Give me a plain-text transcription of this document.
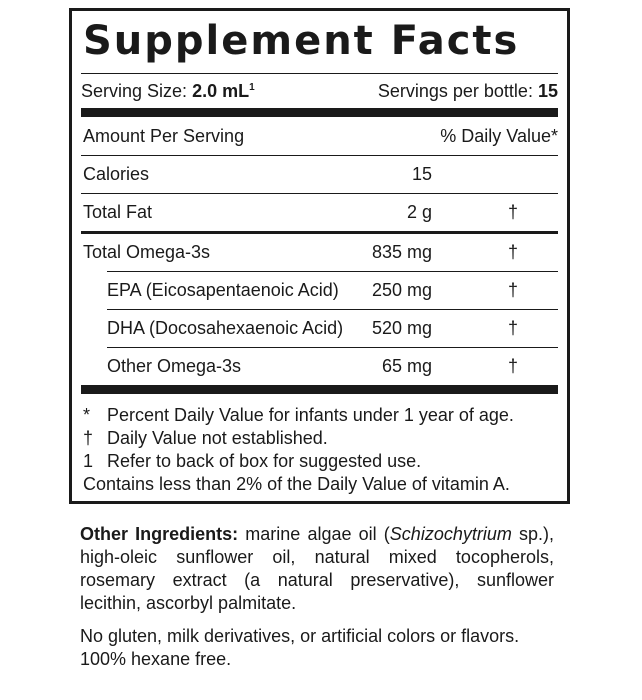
Supplement Facts
Serving Size: 2.0 $mL^1$	Servings per bottle: 15
Amount Per Serving	% Daily Value*
Calories	15
Total Fat	2 g	†
Total Omega-3s	835 mg	†
EPA (Eicosapentaenoic Acid) 250 mg	†
DHA (Docosahexaenoic Acid) 520 mg	†
Other Omega-3s	65 mg	†
* Percent Daily Value for infants under 1 year of age.
† Daily Value not established.
1 Refer to back of box for suggested use.
Contains less than 2% of the Daily Value of vitamin A.

Other Ingredients: marine algae oil (Schizochytrium sp.), high-oleic sunflower oil, natural mixed tocopherols, rosemary extract (a natural preservative), sunflower lecithin, ascorbyl palmitate.

No gluten, milk derivatives, or artificial colors or flavors. 100% hexane free.
